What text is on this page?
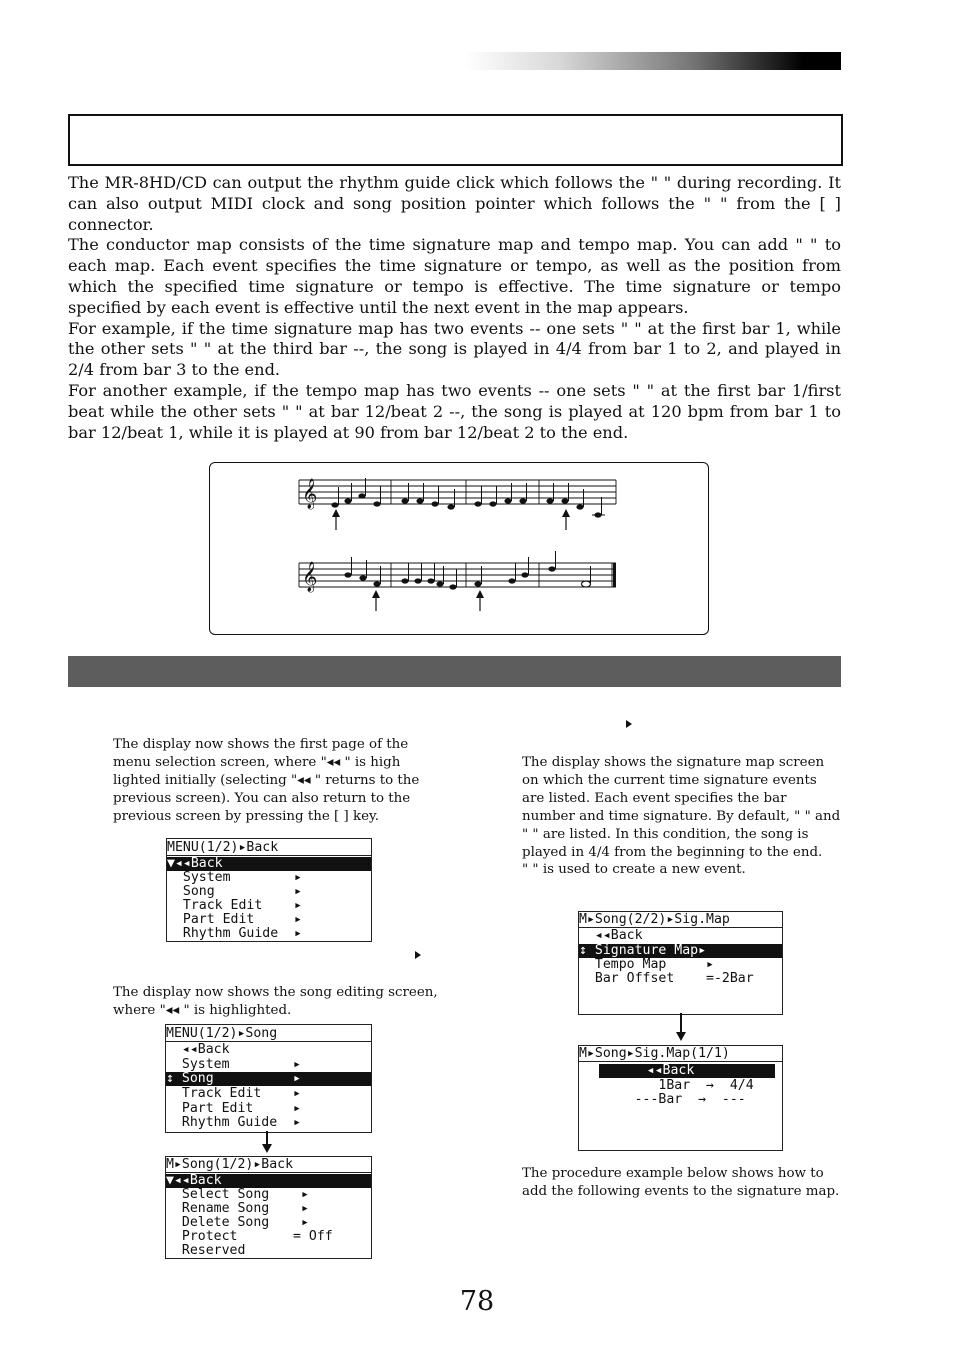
The MR-8HD/CD can output the rhythm guide click which follows the " " during recording. It can also output MIDI clock and song position pointer which follows the " " from the [ ] connector.

The conductor map consists of the time signature map and tempo map. You can add " " to each map. Each event specifies the time signature or tempo, as well as the position from which the specified time signature or tempo is effective. The time signature or tempo specified by each event is effective until the next event in the map appears.

For example, if the time signature map has two events -- one sets " " at the first bar 1, while the other sets " " at the third bar --, the song is played in 4/4 from bar 1 to 2, and played in 2/4 from bar 3 to the end.

For another example, if the tempo map has two events -- one sets " " at the first bar 1/first beat while the other sets " " at bar 12/beat 2 --, the song is played at 120 bpm from bar 1 to bar 12/beat 1, while it is played at 90 from bar 12/beat 2 to the end.

𝄞
𝄞

The display now shows the first page of the menu selection screen, where "◂◂ " is high lighted initially (selecting "◂◂ " returns to the previous screen). You can also return to the previous screen by pressing the [ ] key.

MENU(1/2)▸Back
▼◂◂Back
System        ▸
Song          ▸
Track Edit    ▸
Part Edit     ▸
Rhythm Guide  ▸

The display now shows the song editing screen, where "◂◂ " is highlighted.

MENU(1/2)▸Song
◂◂Back
System        ▸
↕ Song          ▸
Track Edit    ▸
Part Edit     ▸
Rhythm Guide  ▸
M▸Song(1/2)▸Back
▼◂◂Back
Select Song    ▸
Rename Song    ▸
Delete Song    ▸
Protect       = Off
Reserved

The display shows the signature map screen on which the current time signature events are listed. Each event specifies the bar number and time signature. By default, " " and " " are listed. In this condition, the song is played in 4/4 from the beginning to the end.

" " is used to create a new event.

M▸Song(2/2)▸Sig.Map
◂◂Back
↕ Signature Map▸
Tempo Map     ▸
Bar Offset    =-2Bar
M▸Song▸Sig.Map(1/1)
◂◂Back
1Bar  →  4/4
---Bar  →  ---

The procedure example below shows how to add the following events to the signature map.

78
